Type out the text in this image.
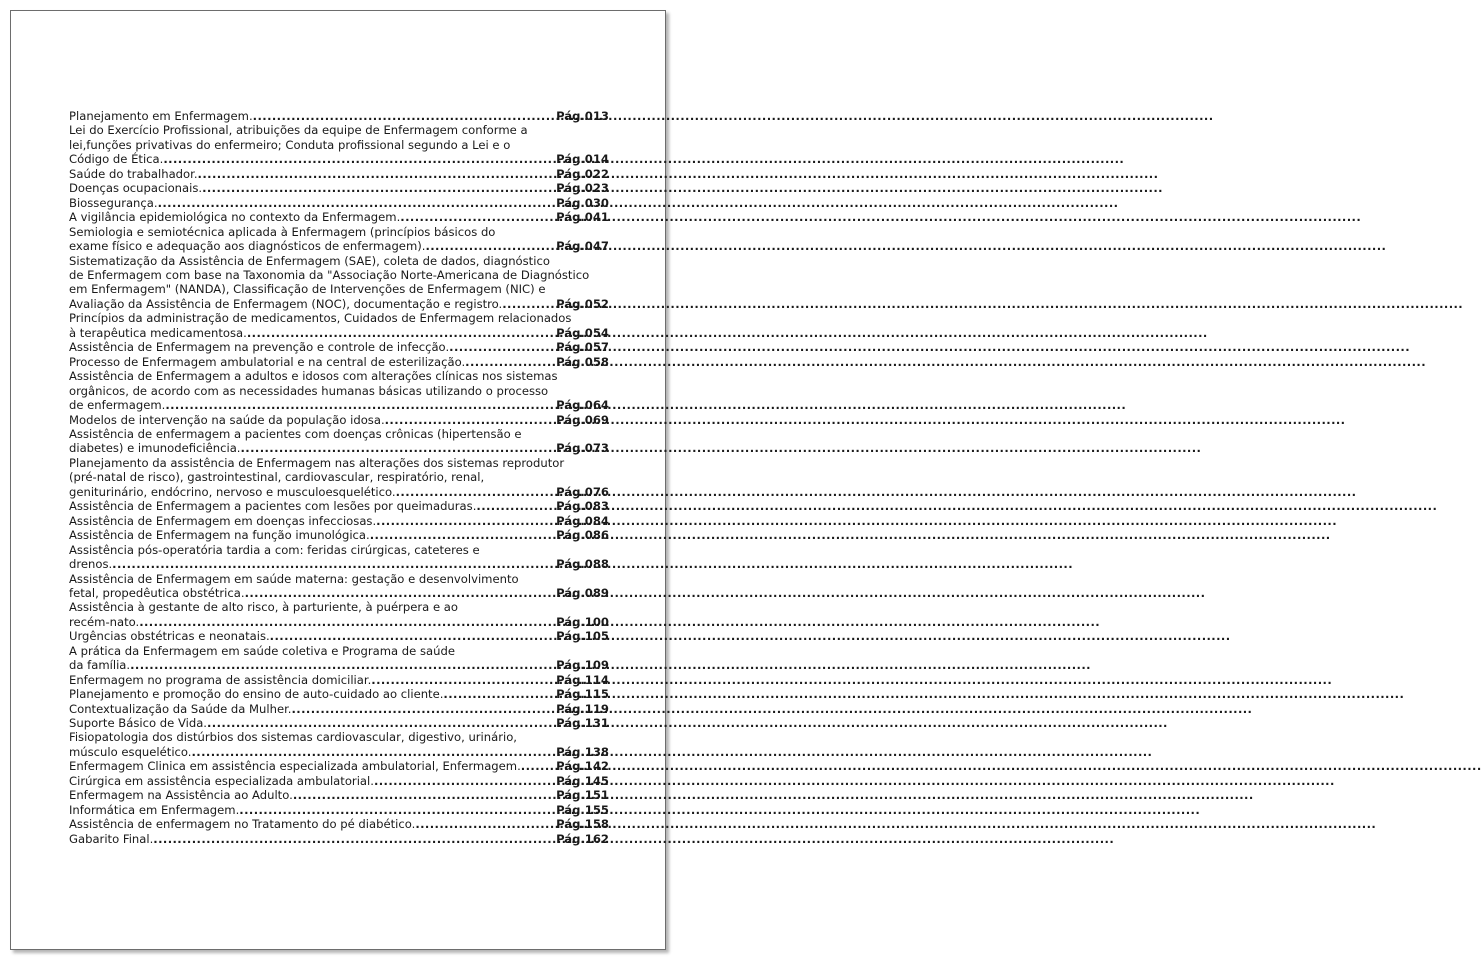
Planejamento em Enfermagem. .....	Pág.013
Lei do Exercício Profissional, atribuições da equipe de Enfermagem conforme a
lei,funções privativas do enfermeiro; Conduta profissional segundo a Lei e o
Código de Ética. .....	Pág.014
Saúde do trabalhador. .....	Pág.022
Doenças ocupacionais. .....	Pág.023
Biossegurança. .....	Pág.030
A vigilância epidemiológica no contexto da Enfermagem. .....	Pág.041
Semiologia e semiotécnica aplicada à Enfermagem (princípios básicos do
exame físico e adequação aos diagnósticos de enfermagem). .....	Pág.047
Sistematização da Assistência de Enfermagem (SAE), coleta de dados, diagnóstico
de Enfermagem com base na Taxonomia da "Associação Norte-Americana de Diagnóstico
em Enfermagem" (NANDA), Classificação de Intervenções de Enfermagem (NIC) e
Avaliação da Assistência de Enfermagem (NOC), documentação e registro. .....	Pág.052
Princípios da administração de medicamentos, Cuidados de Enfermagem relacionados
à terapêutica medicamentosa. .....	Pág.054
Assistência de Enfermagem na prevenção e controle de infecção. .....	Pág.057
Processo de Enfermagem ambulatorial e na central de esterilização. .....	Pág.058
Assistência de Enfermagem a adultos e idosos com alterações clínicas nos sistemas
orgânicos, de acordo com as necessidades humanas básicas utilizando o processo
de enfermagem. .....	Pág.064
Modelos de intervenção na saúde da população idosa. .....	Pág.069
Assistência de enfermagem a pacientes com doenças crônicas (hipertensão e
diabetes) e imunodeficiência. .....	Pág.073
Planejamento da assistência de Enfermagem nas alterações dos sistemas reprodutor
(pré-natal de risco), gastrointestinal, cardiovascular, respiratório, renal,
geniturinário, endócrino, nervoso e musculoesquelético. .....	Pág.076
Assistência de Enfermagem a pacientes com lesões por queimaduras. .....	Pág.083
Assistência de Enfermagem em doenças infecciosas. .....	Pág.084
Assistência de Enfermagem na função imunológica. .....	Pág.086
Assistência pós-operatória tardia a com: feridas cirúrgicas, cateteres e
drenos. .....	Pág.088
Assistência de Enfermagem em saúde materna: gestação e desenvolvimento
fetal, propedêutica obstétrica. .....	Pág.089
Assistência à gestante de alto risco, à parturiente, à puérpera e ao
recém-nato. .....	Pág.100
Urgências obstétricas e neonatais. .....	Pág.105
A prática da Enfermagem em saúde coletiva e Programa de saúde
da família. .....	Pág.109
Enfermagem no programa de assistência domiciliar. .....	Pág.114
Planejamento e promoção do ensino de auto-cuidado ao cliente. .....	Pág.115
Contextualização da Saúde da Mulher. .....	Pág.119
Suporte Básico de Vida. .....	Pág.131
Fisiopatologia dos distúrbios dos sistemas cardiovascular, digestivo, urinário,
músculo esquelético. .....	Pág.138
Enfermagem Clinica em assistência especializada ambulatorial, Enfermagem. .....	Pág.142
Cirúrgica em assistência especializada ambulatorial. .....	Pág.145
Enfermagem na Assistência ao Adulto. .....	Pág.151
Informática em Enfermagem. .....	Pág.155
Assistência de enfermagem no Tratamento do pé diabético. .....	Pág.158
Gabarito Final. .....	Pág.162
